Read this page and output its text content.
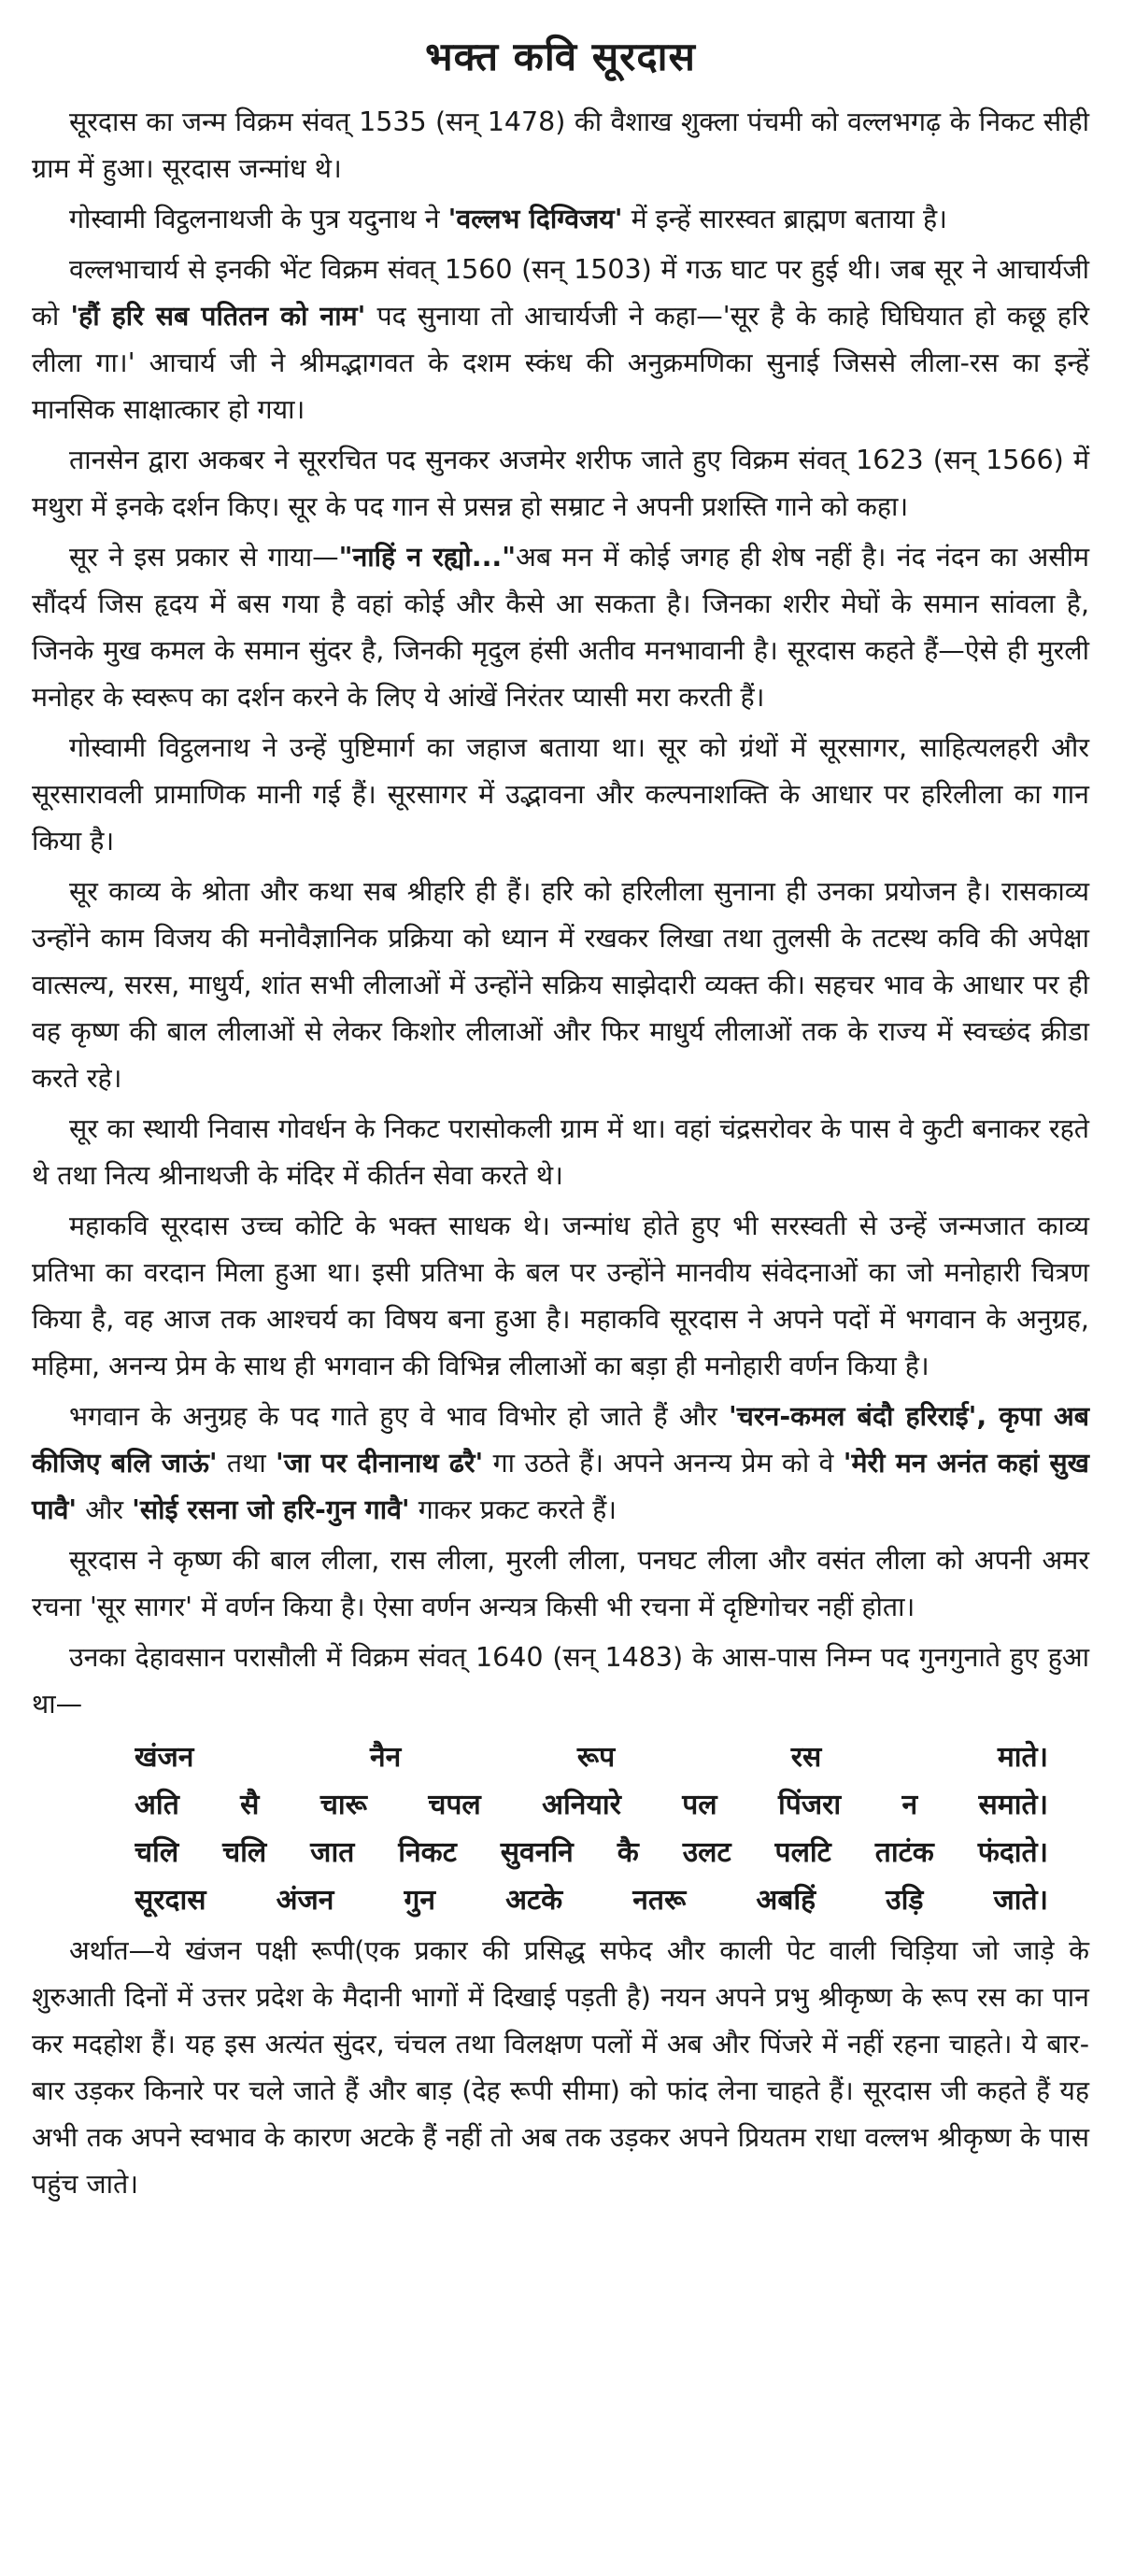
भक्त कवि सूरदास

सूरदास का जन्म विक्रम संवत् 1535 (सन् 1478) की वैशाख शुक्ला पंचमी को वल्लभगढ़ के निकट सीही ग्राम में हुआ। सूरदास जन्मांध थे।

गोस्वामी विट्ठलनाथजी के पुत्र यदुनाथ ने 'वल्लभ दिग्विजय' में इन्हें सारस्वत ब्राह्मण बताया है।

वल्लभाचार्य से इनकी भेंट विक्रम संवत् 1560 (सन् 1503) में गऊ घाट पर हुई थी। जब सूर ने आचार्यजी को 'हौं हरि सब पतितन को नाम' पद सुनाया तो आचार्यजी ने कहा—'सूर है के काहे घिघियात हो कछू हरि लीला गा।' आचार्य जी ने श्रीमद्भागवत के दशम स्कंध की अनुक्रमणिका सुनाई जिससे लीला-रस का इन्हें मानसिक साक्षात्कार हो गया।

तानसेन द्वारा अकबर ने सूररचित पद सुनकर अजमेर शरीफ जाते हुए विक्रम संवत् 1623 (सन् 1566) में मथुरा में इनके दर्शन किए। सूर के पद गान से प्रसन्न हो सम्राट ने अपनी प्रशस्ति गाने को कहा।

सूर ने इस प्रकार से गाया—"नाहिं न रह्यो..."अब मन में कोई जगह ही शेष नहीं है। नंद नंदन का असीम सौंदर्य जिस हृदय में बस गया है वहां कोई और कैसे आ सकता है। जिनका शरीर मेघों के समान सांवला है, जिनके मुख कमल के समान सुंदर है, जिनकी मृदुल हंसी अतीव मनभावानी है। सूरदास कहते हैं—ऐसे ही मुरली मनोहर के स्वरूप का दर्शन करने के लिए ये आंखें निरंतर प्यासी मरा करती हैं।

गोस्वामी विट्ठलनाथ ने उन्हें पुष्टिमार्ग का जहाज बताया था। सूर को ग्रंथों में सूरसागर, साहित्यलहरी और सूरसारावली प्रामाणिक मानी गई हैं। सूरसागर में उद्भावना और कल्पनाशक्ति के आधार पर हरिलीला का गान किया है।

सूर काव्य के श्रोता और कथा सब श्रीहरि ही हैं। हरि को हरिलीला सुनाना ही उनका प्रयोजन है। रासकाव्य उन्होंने काम विजय की मनोवैज्ञानिक प्रक्रिया को ध्यान में रखकर लिखा तथा तुलसी के तटस्थ कवि की अपेक्षा वात्सल्य, सरस, माधुर्य, शांत सभी लीलाओं में उन्होंने सक्रिय साझेदारी व्यक्त की। सहचर भाव के आधार पर ही वह कृष्ण की बाल लीलाओं से लेकर किशोर लीलाओं और फिर माधुर्य लीलाओं तक के राज्य में स्वच्छंद क्रीडा करते रहे।

सूर का स्थायी निवास गोवर्धन के निकट परासोकली ग्राम में था। वहां चंद्रसरोवर के पास वे कुटी बनाकर रहते थे तथा नित्य श्रीनाथजी के मंदिर में कीर्तन सेवा करते थे।

महाकवि सूरदास उच्च कोटि के भक्त साधक थे। जन्मांध होते हुए भी सरस्वती से उन्हें जन्मजात काव्य प्रतिभा का वरदान मिला हुआ था। इसी प्रतिभा के बल पर उन्होंने मानवीय संवेदनाओं का जो मनोहारी चित्रण किया है, वह आज तक आश्चर्य का विषय बना हुआ है। महाकवि सूरदास ने अपने पदों में भगवान के अनुग्रह, महिमा, अनन्य प्रेम के साथ ही भगवान की विभिन्न लीलाओं का बड़ा ही मनोहारी वर्णन किया है।

भगवान के अनुग्रह के पद गाते हुए वे भाव विभोर हो जाते हैं और 'चरन-कमल बंदौ हरिराई', कृपा अब कीजिए बलि जाऊं' तथा 'जा पर दीनानाथ ढरै' गा उठते हैं। अपने अनन्य प्रेम को वे 'मेरी मन अनंत कहां सुख पावै' और 'सोई रसना जो हरि-गुन गावै' गाकर प्रकट करते हैं।

सूरदास ने कृष्ण की बाल लीला, रास लीला, मुरली लीला, पनघट लीला और वसंत लीला को अपनी अमर रचना 'सूर सागर' में वर्णन किया है। ऐसा वर्णन अन्यत्र किसी भी रचना में दृष्टिगोचर नहीं होता।

उनका देहावसान परासौली में विक्रम संवत् 1640 (सन् 1483) के आस-पास निम्न पद गुनगुनाते हुए हुआ था—

खंजन नैन रूप रस माते।
अति सै चारू चपल अनियारे पल पिंजरा न समाते।
चलि चलि जात निकट सुवननि कै उलट पलटि ताटंक फंदाते।
सूरदास अंजन गुन अटके नतरू अबहिं उड़ि जाते।

अर्थात—ये खंजन पक्षी रूपी(एक प्रकार की प्रसिद्ध सफेद और काली पेट वाली चिड़िया जो जाड़े के शुरुआती दिनों में उत्तर प्रदेश के मैदानी भागों में दिखाई पड़ती है) नयन अपने प्रभु श्रीकृष्ण के रूप रस का पान कर मदहोश हैं। यह इस अत्यंत सुंदर, चंचल तथा विलक्षण पलों में अब और पिंजरे में नहीं रहना चाहते। ये बार-बार उड़कर किनारे पर चले जाते हैं और बाड़ (देह रूपी सीमा) को फांद लेना चाहते हैं। सूरदास जी कहते हैं यह अभी तक अपने स्वभाव के कारण अटके हैं नहीं तो अब तक उड़कर अपने प्रियतम राधा वल्लभ श्रीकृष्ण के पास पहुंच जाते।
